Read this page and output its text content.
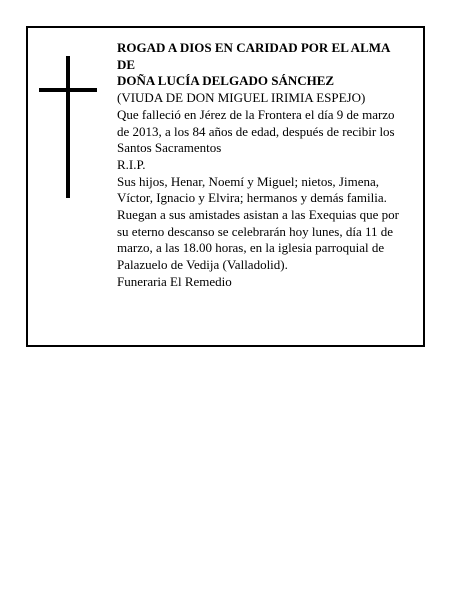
ROGAD A DIOS EN CARIDAD POR EL ALMA
DE
DOÑA LUCÍA DELGADO SÁNCHEZ
(VIUDA DE DON MIGUEL IRIMIA ESPEJO)
Que falleció en Jérez de la Frontera el día 9 de marzo
de 2013, a los 84 años de edad, después de recibir los
Santos Sacramentos
R.I.P.
Sus hijos, Henar, Noemí y Miguel; nietos, Jimena,
Víctor, Ignacio y Elvira; hermanos y demás familia.
Ruegan a sus amistades asistan a las Exequias que por
su eterno descanso se celebrarán hoy lunes, día 11 de
marzo, a las 18.00 horas, en la iglesia parroquial de
Palazuelo de Vedija (Valladolid).
Funeraria El Remedio
